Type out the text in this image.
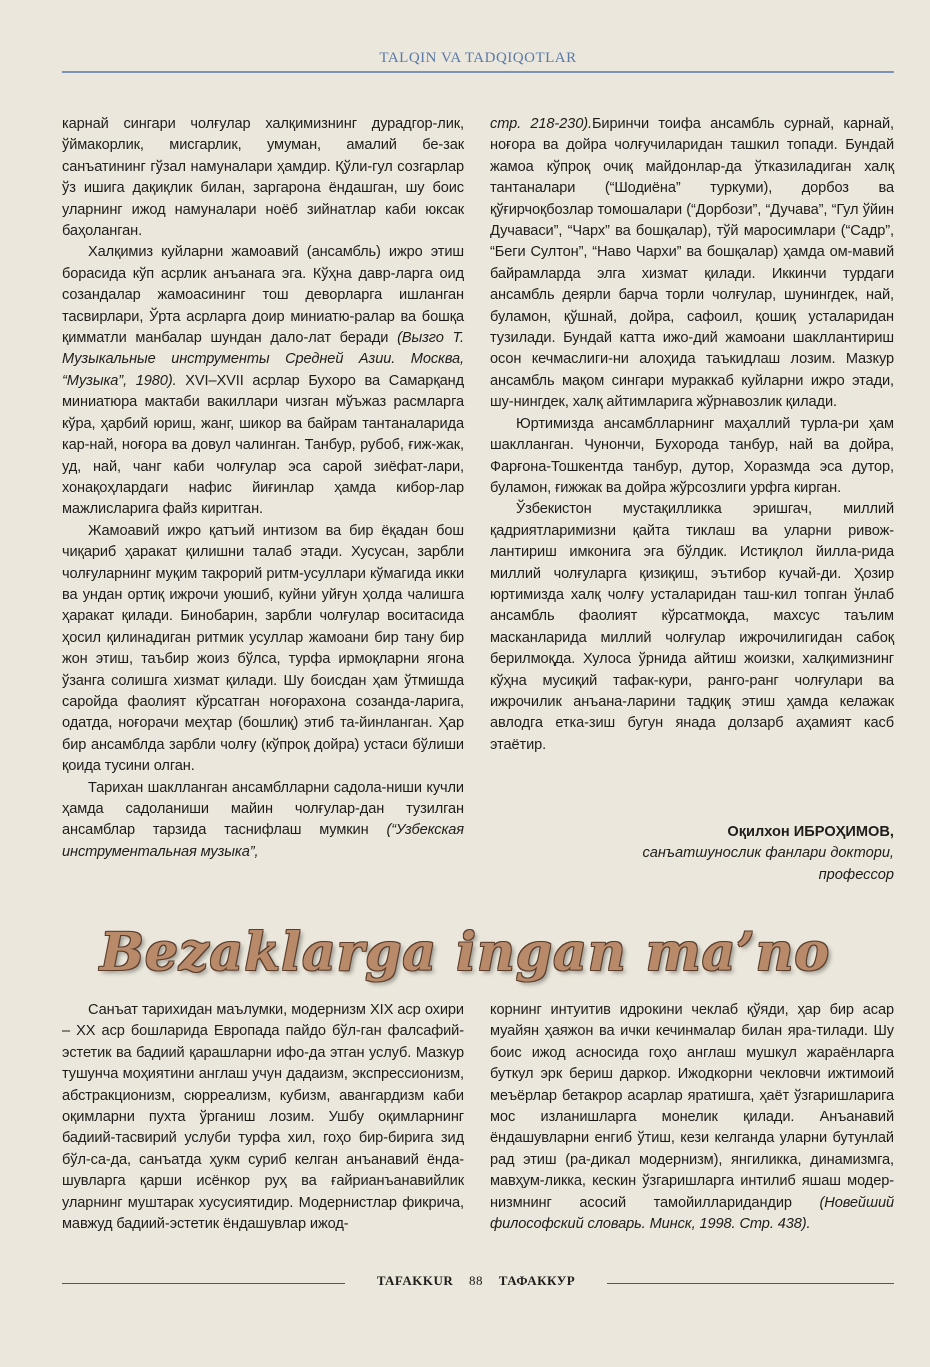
TALQIN VA TADQIQOTLAR

карнай сингари чолғулар халқимизнинг дурадгор-лик, ўймакорлик, мисгарлик, умуман, амалий бе-зак санъатининг гўзал намуналари ҳамдир. Қўли-гул созгарлар ўз ишига дақиқлик билан, заргарона ёндашган, шу боис уларнинг ижод намуналари ноёб зийнатлар каби юксак баҳоланган.

Халқимиз куйларни жамоавий (ансамбль) ижро этиш борасида кўп асрлик анъанага эга. Кўҳна давр-ларга оид созандалар жамоасининг тош деворларга ишланган тасвирлари, Ўрта асрларга доир миниатю-ралар ва бошқа қимматли манбалар шундан дало-лат беради (Вызго Т. Музыкальные инструменты Средней Азии. Москва, “Музыка”, 1980). XVI–XVII асрлар Бухоро ва Самарқанд миниатюра мактаби вакиллари чизган мўъжаз расмларга кўра, ҳарбий юриш, жанг, шикор ва байрам тантаналарида кар-най, ноғора ва довул чалинган. Танбур, рубоб, ғиж-жак, уд, най, чанг каби чолғулар эса сарой зиёфат-лари, хонақоҳлардаги нафис йиғинлар ҳамда кибор-лар мажлисларига файз киритган.

Жамоавий ижро қатъий интизом ва бир ёқадан бош чиқариб ҳаракат қилишни талаб этади. Хусусан, зарбли чолғуларнинг муқим такрорий ритм-усуллари кўмагида икки ва ундан ортиқ ижрочи уюшиб, куйни уйғун ҳолда чалишга ҳаракат қилади. Бинобарин, зарбли чолғулар воситасида ҳосил қилинадиган ритмик усуллар жамоани бир тану бир жон этиш, таъбир жоиз бўлса, турфа ирмоқларни ягона ўзанга солишга хизмат қилади. Шу боисдан ҳам ўтмишда саройда фаолият кўрсатган ноғорахона созанда-ларига, одатда, ноғорачи меҳтар (бошлиқ) этиб та-йинланган. Ҳар бир ансамблда зарбли чолғу (кўпроқ дойра) устаси бўлиши қоида тусини олган.

Тарихан шаклланган ансамблларни садола-ниши кучли ҳамда садоланиши майин чолғулар-дан тузилган ансамблар тарзида таснифлаш мумкин (“Узбекская инструментальная музыка”,

стр. 218-230).Биринчи тоифа ансамбль сурнай, карнай, ноғора ва дойра чолғучиларидан ташкил топади. Бундай жамоа кўпроқ очиқ майдонлар-да ўтказиладиган халқ тантаналари (“Шодиёна” туркуми), дорбоз ва қўғирчоқбозлар томошалари (“Дорбози”, “Дучава”, “Гул ўйин Дучаваси”, “Чарх” ва бошқалар), тўй маросимлари (“Садр”, “Беги Султон”, “Наво Чархи” ва бошқалар) ҳамда ом-мавий байрамларда элга хизмат қилади. Иккинчи турдаги ансамбль деярли барча торли чолғулар, шунингдек, най, буламон, қўшнай, дойра, сафоил, қошиқ усталаридан тузилади. Бундай катта ижо-дий жамоани шакллантириш осон кечмаслиги-ни алоҳида таъкидлаш лозим. Мазкур ансамбль мақом сингари мураккаб куйларни ижро этади, шу-нингдек, халқ айтимларига жўрнавозлик қилади.

Юртимизда ансамблларнинг маҳаллий турла-ри ҳам шаклланган. Чунончи, Бухорода танбур, най ва дойра, Фарғона-Тошкентда танбур, дутор, Хоразмда эса дутор, буламон, ғижжак ва дойра жўрсозлиги урфга кирган.

Ўзбекистон мустақилликка эришгач, миллий қадриятларимизни қайта тиклаш ва уларни ривож-лантириш имконига эга бўлдик. Истиқлол йилла-рида миллий чолғуларга қизиқиш, эътибор кучай-ди. Ҳозир юртимизда халқ чолғу усталаридан таш-кил топган ўнлаб ансамбль фаолият кўрсатмоқда, махсус таълим масканларида миллий чолғулар ижрочилигидан сабоқ берилмоқда. Хулоса ўрнида айтиш жоизки, халқимизнинг кўҳна мусиқий тафак-кури, ранго-ранг чолғулари ва ижрочилик анъана-ларини тадқиқ этиш ҳамда келажак авлодга етка-зиш бугун янада долзарб аҳамият касб этаётир.

Оқилхон ИБРОҲИМОВ,
санъатшунослик фанлари доктори,
профессор
Bezaklarga ingan ma’no

Санъат тарихидан маълумки, модернизм XIX аср охири – XX аср бошларида Европада пайдо бўл-ган фалсафий-эстетик ва бадиий қарашларни ифо-да этган услуб. Мазкур тушунча моҳиятини англаш учун дадаизм, экспрессионизм, абстракционизм, сюрреализм, кубизм, авангардизм каби оқимларни пухта ўрганиш лозим. Ушбу оқимларнинг бадиий-тасвирий услуби турфа хил, гоҳо бир-бирига зид бўл-са-да, санъатда ҳукм суриб келган анъанавий ёнда-шувларга қарши исёнкор руҳ ва ғайрианъанавийлик уларнинг муштарак хусусиятидир. Модернистлар фикрича, мавжуд бадиий-эстетик ёндашувлар ижод-

корнинг интуитив идрокини чеклаб қўяди, ҳар бир асар муайян ҳаяжон ва ички кечинмалар билан яра-тилади. Шу боис ижод асносида гоҳо англаш мушкул жараёнларга буткул эрк бериш даркор. Ижодкорни чекловчи ижтимоий меъёрлар бетакрор асарлар яратишга, ҳаёт ўзгаришларига мос изланишларга монелик қилади. Анъанавий ёндашувларни енгиб ўтиш, кези келганда уларни бутунлай рад этиш (ра-дикал модернизм), янгиликка, динамизмга, мавҳум-ликка, кескин ўзгаришларга интилиб яшаш модер-низмнинг асосий тамойилларидандир (Новейший философский словарь. Минск, 1998. Стр. 438).

TAFAKKUR 88 ТАФАККУР
